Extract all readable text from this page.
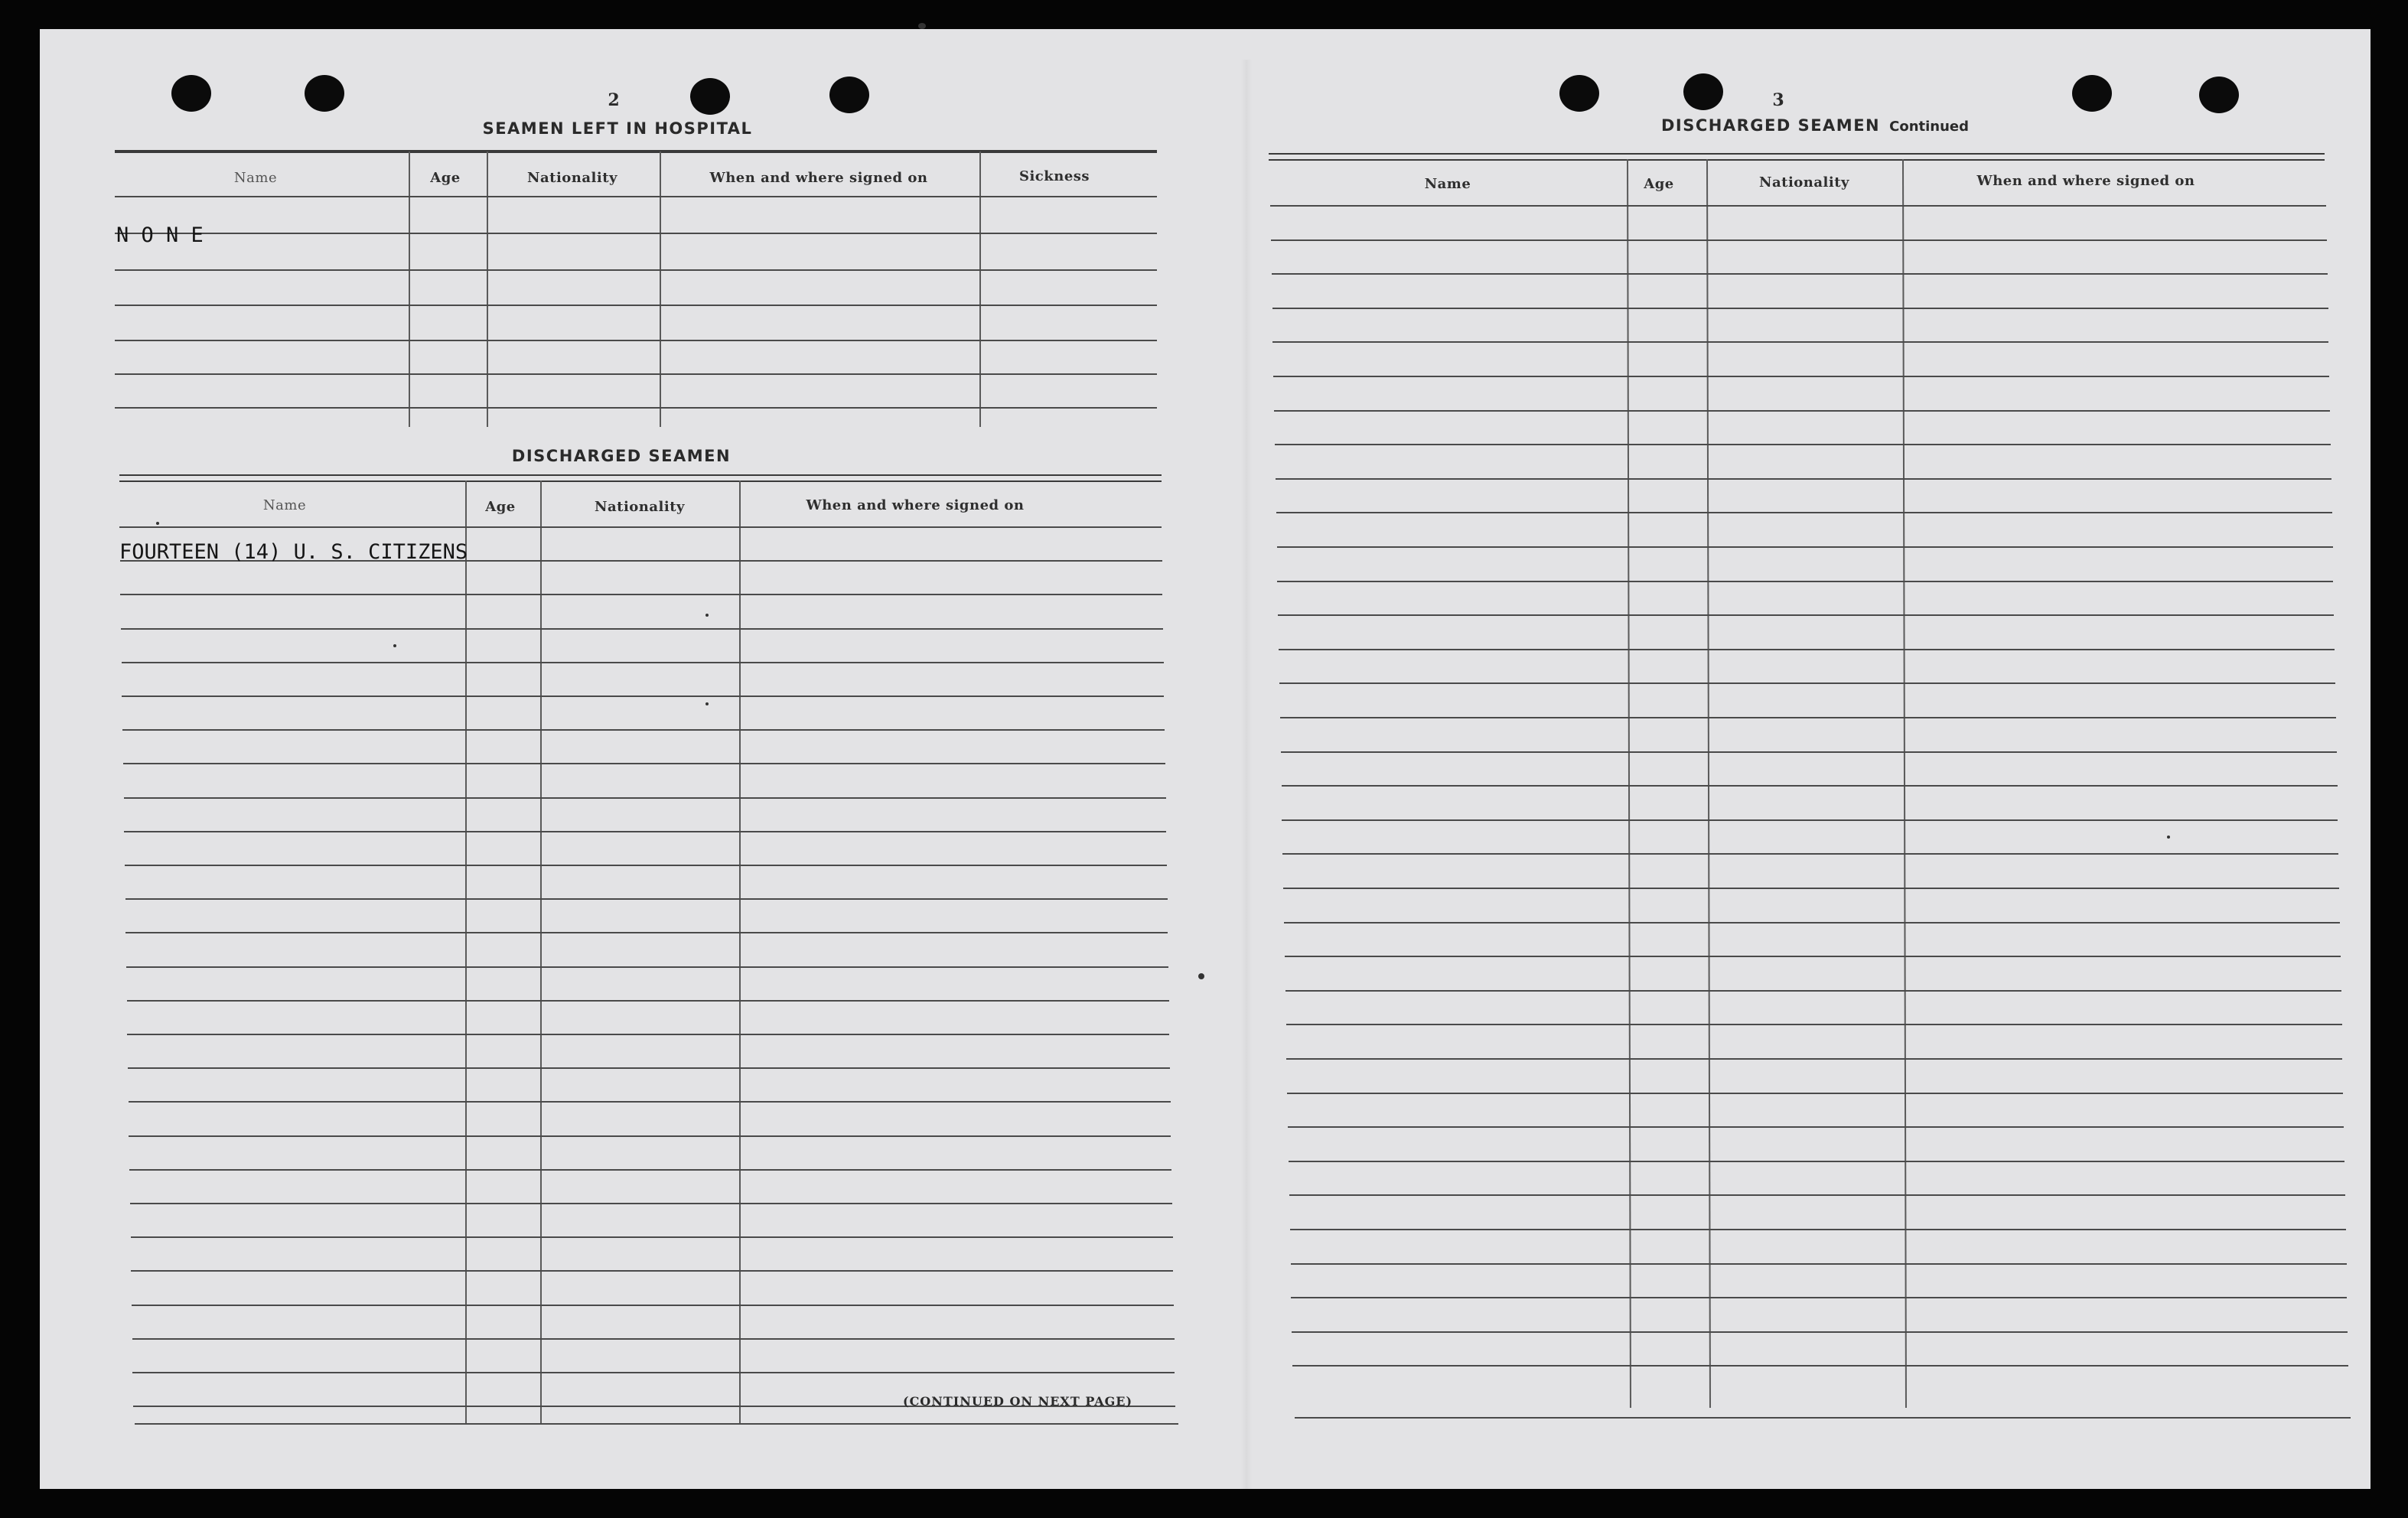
2
SEAMEN LEFT IN HOSPITAL
Name	Age	Nationality	When and where signed on	Sickness
N O N E
DISCHARGED SEAMEN
Name	Age	Nationality	When and where signed on
FOURTEEN (14) U. S. CITIZENS
(CONTINUED ON NEXT PAGE)
3
DISCHARGED SEAMEN Continued
Name	Age	Nationality	When and where signed on
